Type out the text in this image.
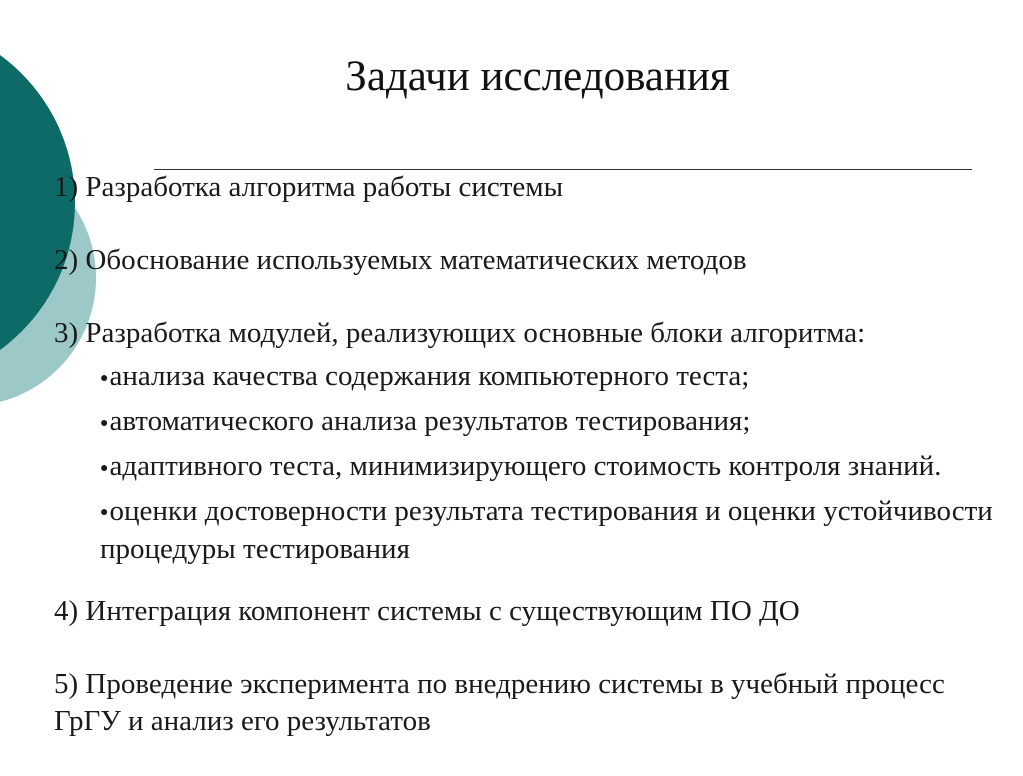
Задачи исследования
1) Разработка алгоритма работы системы
2) Обоснование используемых математических методов
3) Разработка модулей, реализующих основные блоки алгоритма:
●анализа качества содержания компьютерного теста;
●автоматического анализа результатов тестирования;
●адаптивного теста, минимизирующего стоимость контроля знаний.
●оценки достоверности результата тестирования и оценки устойчивости процедуры тестирования
4) Интеграция компонент системы с существующим ПО ДО
5) Проведение эксперимента по внедрению системы в учебный процесс ГрГУ и анализ его результатов
